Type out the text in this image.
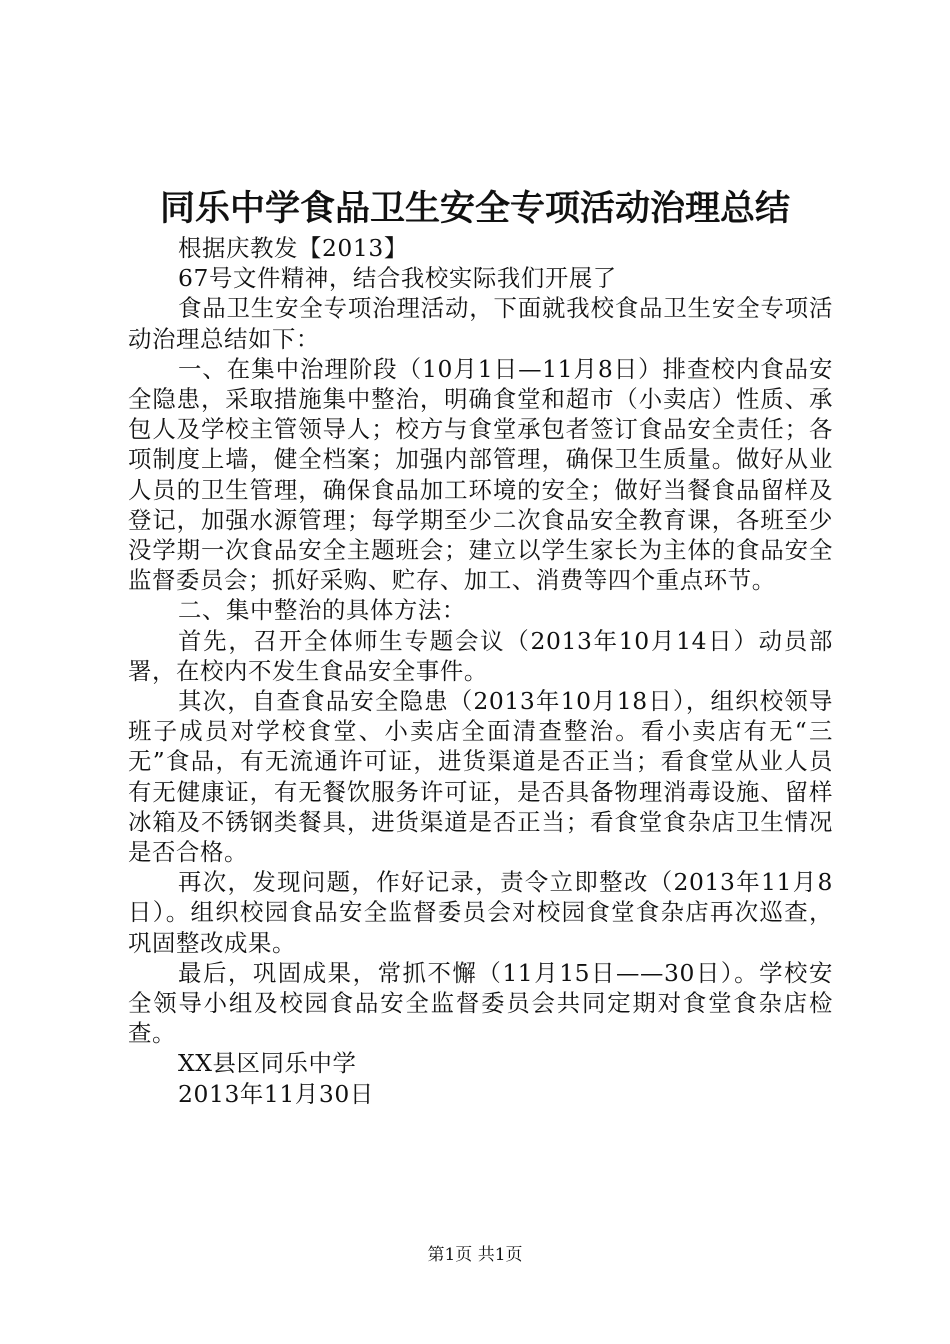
同乐中学食品卫生安全专项活动治理总结

根据庆教发【2013】

67号文件精神，结合我校实际我们开展了

食品卫生安全专项治理活动，下面就我校食品卫生安全专项活动治理总结如下：

一、在集中治理阶段（10月1日—11月8日）排查校内食品安全隐患，采取措施集中整治，明确食堂和超市（小卖店）性质、承包人及学校主管领导人；校方与食堂承包者签订食品安全责任；各项制度上墙，健全档案；加强内部管理，确保卫生质量。做好从业人员的卫生管理，确保食品加工环境的安全；做好当餐食品留样及登记，加强水源管理；每学期至少二次食品安全教育课，各班至少没学期一次食品安全主题班会；建立以学生家长为主体的食品安全监督委员会；抓好采购、贮存、加工、消费等四个重点环节。

二、集中整治的具体方法：

首先，召开全体师生专题会议（2013年10月14日）动员部署，在校内不发生食品安全事件。

其次，自查食品安全隐患（2013年10月18日），组织校领导班子成员对学校食堂、小卖店全面清查整治。看小卖店有无“三无”食品，有无流通许可证，进货渠道是否正当；看食堂从业人员有无健康证，有无餐饮服务许可证，是否具备物理消毒设施、留样冰箱及不锈钢类餐具，进货渠道是否正当；看食堂食杂店卫生情况是否合格。

再次，发现问题，作好记录，责令立即整改（2013年11月8日）。组织校园食品安全监督委员会对校园食堂食杂店再次巡查，巩固整改成果。

最后，巩固成果，常抓不懈（11月15日——30日）。学校安全领导小组及校园食品安全监督委员会共同定期对食堂食杂店检查。

XX县区同乐中学

2013年11月30日

第1页 共1页
